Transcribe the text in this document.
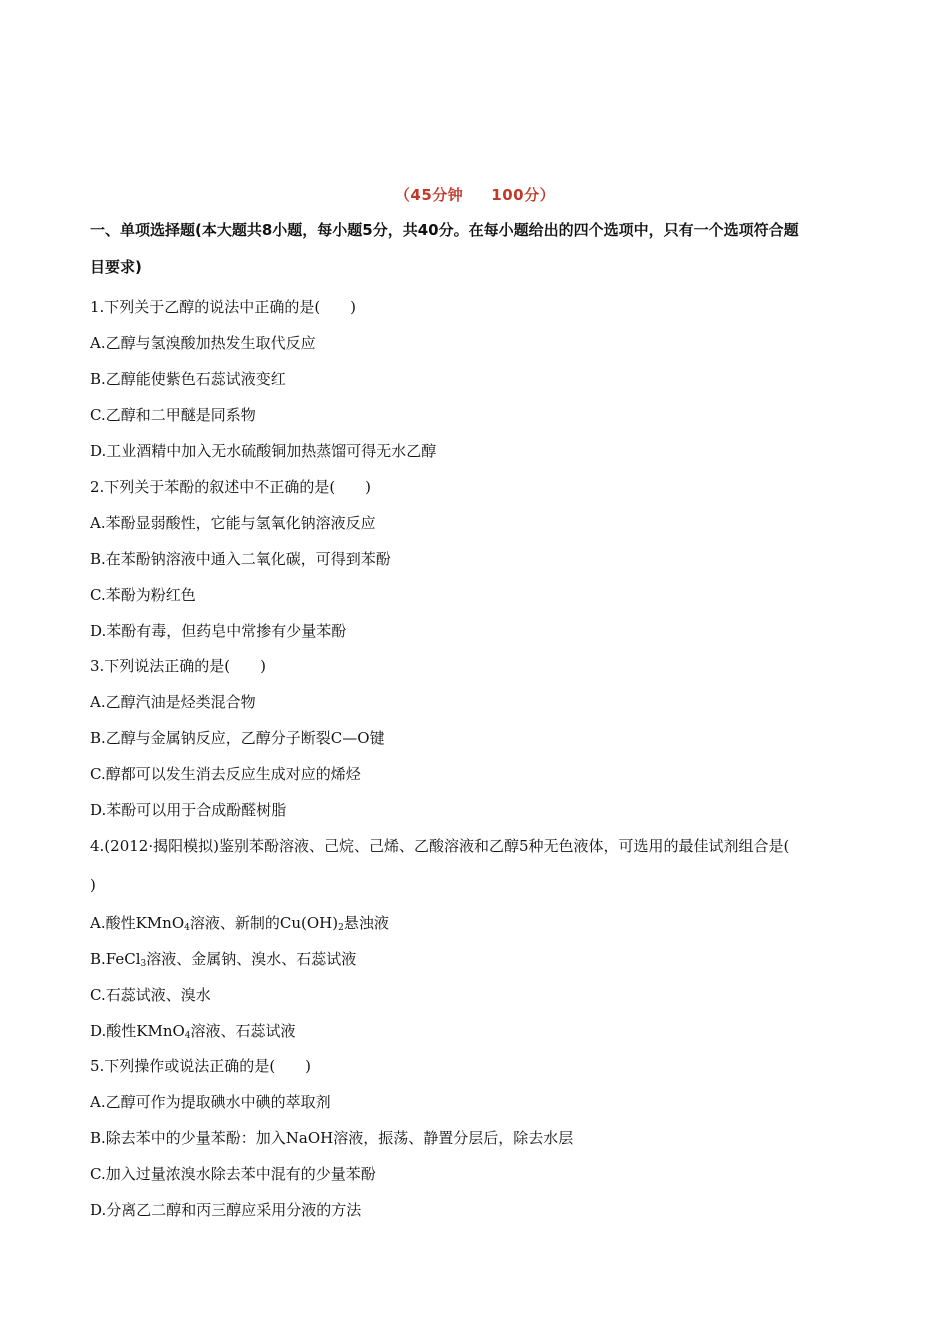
（45分钟 100分）
一、单项选择题(本大题共8小题，每小题5分，共40分。在每小题给出的四个选项中，只有一个选项符合题
目要求)
1.下列关于乙醇的说法中正确的是(　　)
A.乙醇与氢溴酸加热发生取代反应
B.乙醇能使紫色石蕊试液变红
C.乙醇和二甲醚是同系物
D.工业酒精中加入无水硫酸铜加热蒸馏可得无水乙醇
2.下列关于苯酚的叙述中不正确的是(　　)
A.苯酚显弱酸性，它能与氢氧化钠溶液反应
B.在苯酚钠溶液中通入二氧化碳，可得到苯酚
C.苯酚为粉红色
D.苯酚有毒，但药皂中常掺有少量苯酚
3.下列说法正确的是(　　)
A.乙醇汽油是烃类混合物
B.乙醇与金属钠反应，乙醇分子断裂C—O键
C.醇都可以发生消去反应生成对应的烯烃
D.苯酚可以用于合成酚醛树脂
4.(2012·揭阳模拟)鉴别苯酚溶液、己烷、己烯、乙酸溶液和乙醇5种无色液体，可选用的最佳试剂组合是(
)
A.酸性KMnO$_4$溶液、新制的$Cu(OH)_2$悬浊液
B.FeCl$_3$溶液、金属钠、溴水、石蕊试液
C.石蕊试液、溴水
D.酸性KMnO$_4$溶液、石蕊试液
5.下列操作或说法正确的是(　　)
A.乙醇可作为提取碘水中碘的萃取剂
B.除去苯中的少量苯酚：加入NaOH溶液，振荡、静置分层后，除去水层
C.加入过量浓溴水除去苯中混有的少量苯酚
D.分离乙二醇和丙三醇应采用分液的方法
